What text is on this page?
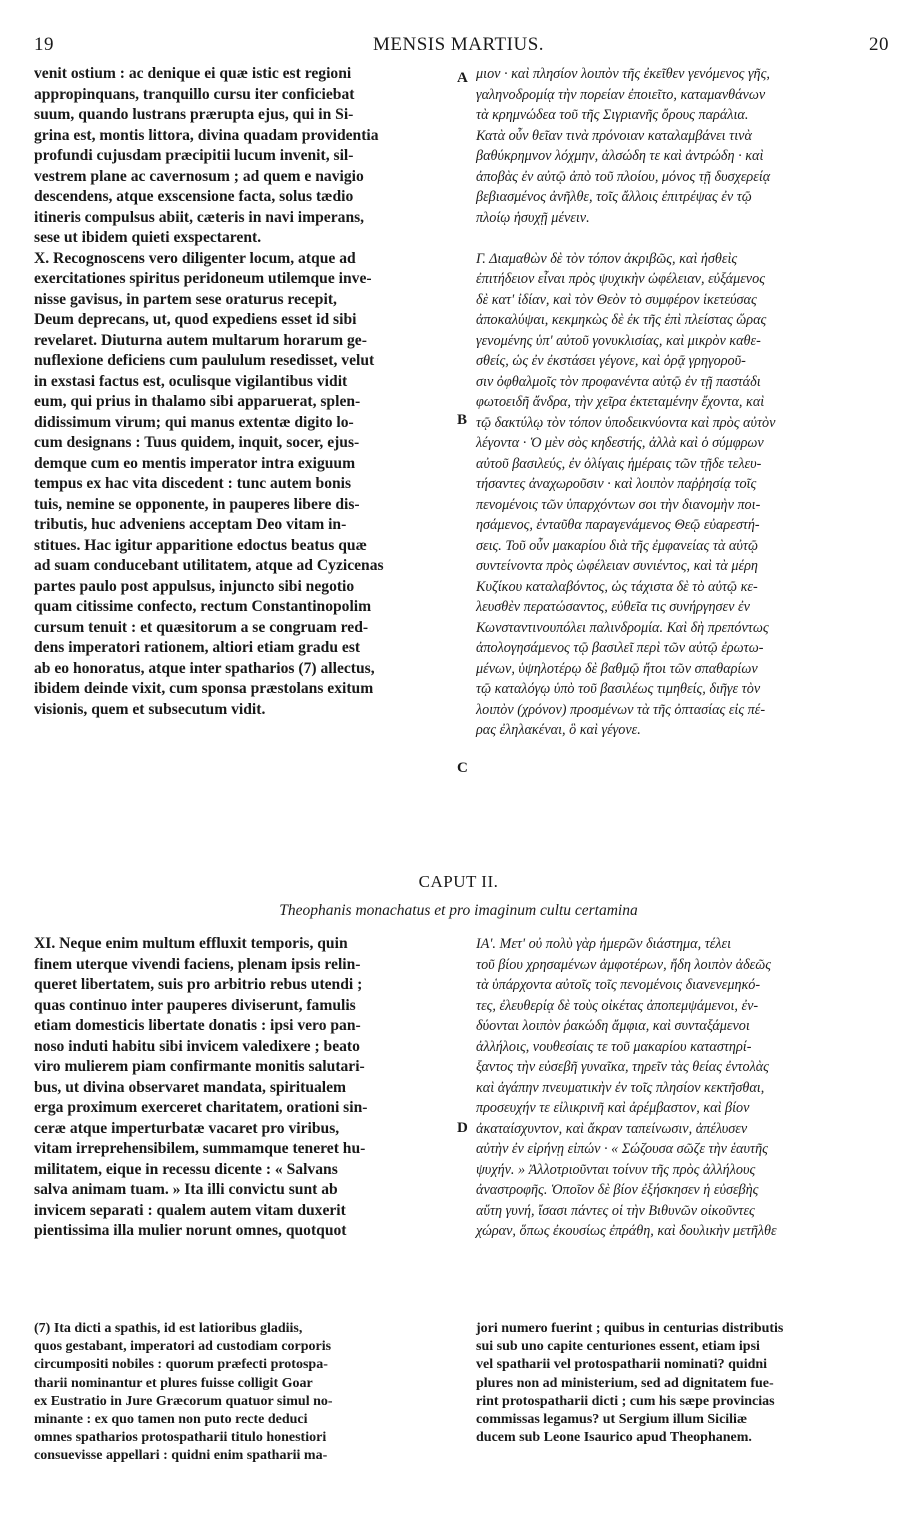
19	MENSIS MARTIUS.	20
A
B
C
D
venit ostium : ac denique ei quæ istic est regioni
appropinquans, tranquillo cursu iter conficiebat
suum, quando lustrans prærupta ejus, qui in Si-
grina est, montis littora, divina quadam providentia
profundi cujusdam præcipitii lucum invenit, sil-
vestrem plane ac cavernosum ; ad quem e navigio
descendens, atque exscensione facta, solus tædio
itineris compulsus abiit, cæteris in navi imperans,
sese ut ibidem quieti exspectarent.
X. Recognoscens vero diligenter locum, atque ad
exercitationes spiritus peridoneum utilemque inve-
nisse gavisus, in partem sese oraturus recepit,
Deum deprecans, ut, quod expediens esset id sibi
revelaret. Diuturna autem multarum horarum ge-
nuflexione deficiens cum paululum resedisset, velut
in exstasi factus est, oculisque vigilantibus vidit
eum, qui prius in thalamo sibi apparuerat, splen-
didissimum virum; qui manus extentæ digito lo-
cum designans : Tuus quidem, inquit, socer, ejus-
demque cum eo mentis imperator intra exiguum
tempus ex hac vita discedent : tunc autem bonis
tuis, nemine se opponente, in pauperes libere dis-
tributis, huc adveniens acceptam Deo vitam in-
stitues. Hac igitur apparitione edoctus beatus quæ
ad suam conducebant utilitatem, atque ad Cyzicenas
partes paulo post appulsus, injuncto sibi negotio
quam citissime confecto, rectum Constantinopolim
cursum tenuit : et quæsitorum a se congruam red-
dens imperatori rationem, altiori etiam gradu est
ab eo honoratus, atque inter spatharios (7) allectus,
ibidem deinde vixit, cum sponsa præstolans exitum
visionis, quem et subsecutum vidit.
μιον · καὶ πλησίον λοιπὸν τῆς ἐκεῖθεν γενόμενος γῆς,
γαληνοδρομίᾳ τὴν πορείαν ἐποιεῖτο, καταμανθάνων
τὰ κρημνώδεα τοῦ τῆς Σιγριανῆς ὄρους παράλια.
Κατὰ οὖν θεῖαν τινὰ πρόνοιαν καταλαμβάνει τινὰ
βαθύκρημνον λόχμην, ἀλσώδη τε καὶ ἀντρώδη · καὶ
ἀποβὰς ἐν αὐτῷ ἀπὸ τοῦ πλοίου, μόνος τῇ δυσχερείᾳ
βεβιασμένος ἀνῆλθε, τοῖς ἄλλοις ἐπιτρέψας ἐν τῷ
πλοίῳ ἡσυχῇ μένειν.
Γ. Διαμαθὼν δὲ τὸν τόπον ἀκριβῶς, καὶ ἡσθεὶς
ἐπιτήδειον εἶναι πρὸς ψυχικὴν ὠφέλειαν, εὐξάμενος
δὲ κατ' ἰδίαν, καὶ τὸν Θεὸν τὸ συμφέρον ἱκετεύσας
ἀποκαλύψαι, κεκμηκὼς δὲ ἐκ τῆς ἐπὶ πλείστας ὥρας
γενομένης ὑπ' αὐτοῦ γονυκλισίας, καὶ μικρὸν καθε-
σθείς, ὡς ἐν ἐκστάσει γέγονε, καὶ ὁρᾷ γρηγοροῦ-
σιν ὀφθαλμοῖς τὸν προφανέντα αὐτῷ ἐν τῇ παστάδι
φωτοειδῆ ἄνδρα, τὴν χεῖρα ἐκτεταμένην ἔχοντα, καὶ
τῷ δακτύλῳ τὸν τόπον ὑποδεικνύοντα καὶ πρὸς αὐτὸν
λέγοντα · Ὁ μὲν σὸς κηδεστής, ἀλλὰ καὶ ὁ σύμφρων
αὐτοῦ βασιλεύς, ἐν ὀλίγαις ἡμέραις τῶν τῇδε τελευ-
τήσαντες ἀναχωροῦσιν · καὶ λοιπὸν παῤῥησίᾳ τοῖς
πενομένοις τῶν ὑπαρχόντων σοι τὴν διανομὴν ποι-
ησάμενος, ἐνταῦθα παραγενάμενος Θεῷ εὐαρεστή-
σεις. Τοῦ οὖν μακαρίου διὰ τῆς ἐμφανείας τὰ αὐτῷ
συντείνοντα πρὸς ὠφέλειαν συνιέντος, καὶ τὰ μέρη
Κυζίκου καταλαβόντος, ὡς τάχιστα δὲ τὸ αὐτῷ κε-
λευσθὲν περατώσαντος, εὐθεῖα τις συνήργησεν ἐν
Κωνσταντινουπόλει παλινδρομία. Καὶ δὴ πρεπόντως
ἀπολογησάμενος τῷ βασιλεῖ περὶ τῶν αὐτῷ ἐρωτω-
μένων, ὑψηλοτέρῳ δὲ βαθμῷ ἤτοι τῶν σπαθαρίων
τῷ καταλόγῳ ὑπὸ τοῦ βασιλέως τιμηθείς, διῆγε τὸν
λοιπὸν (χρόνον) προσμένων τὰ τῆς ὀπτασίας εἰς πέ-
ρας ἐληλακέναι, ὃ καὶ γέγονε.
CAPUT II.
Theophanis monachatus et pro imaginum cultu certamina
XI. Neque enim multum effluxit temporis, quin
finem uterque vivendi faciens, plenam ipsis relin-
queret libertatem, suis pro arbitrio rebus utendi ;
quas continuo inter pauperes diviserunt, famulis
etiam domesticis libertate donatis : ipsi vero pan-
noso induti habitu sibi invicem valedixere ; beato
viro mulierem piam confirmante monitis salutari-
bus, ut divina observaret mandata, spiritualem
erga proximum exerceret charitatem, orationi sin-
ceræ atque imperturbatæ vacaret pro viribus,
vitam irreprehensibilem, summamque teneret hu-
militatem, eique in recessu dicente : « Salvans
salva animam tuam. » Ita illi convictu sunt ab
invicem separati : qualem autem vitam duxerit
pientissima illa mulier norunt omnes, quotquot
ΙΑ'. Μετ' οὐ πολὺ γὰρ ἡμερῶν διάστημα, τέλει
τοῦ βίου χρησαμένων ἀμφοτέρων, ἤδη λοιπὸν ἀδεῶς
τὰ ὑπάρχοντα αὐτοῖς τοῖς πενομένοις διανενεμηκό-
τες, ἐλευθερίᾳ δὲ τοὺς οἰκέτας ἀποπεμψάμενοι, ἐν-
δύονται λοιπὸν ῥακώδη ἄμφια, καὶ συνταξάμενοι
ἀλλήλοις, νουθεσίαις τε τοῦ μακαρίου καταστηρί-
ξαντος τὴν εὐσεβῆ γυναῖκα, τηρεῖν τὰς θείας ἐντολὰς
καὶ ἀγάπην πνευματικὴν ἐν τοῖς πλησίον κεκτῆσθαι,
προσευχήν τε εἰλικρινῆ καὶ ἀρέμβαστον, καὶ βίον
ἀκαταίσχυντον, καὶ ἄκραν ταπείνωσιν, ἀπέλυσεν
αὐτὴν ἐν εἰρήνῃ εἰπών · « Σώζουσα σῶζε τὴν ἑαυτῆς
ψυχήν. » Ἀλλοτριοῦνται τοίνυν τῆς πρὸς ἀλλήλους
ἀναστροφῆς. Ὁποῖον δὲ βίον ἐξήσκησεν ἡ εὐσεβὴς
αὕτη γυνή, ἴσασι πάντες οἱ τὴν Βιθυνῶν οἰκοῦντες
χώραν, ὅπως ἐκουσίως ἐπράθη, καὶ δουλικὴν μετῆλθε
(7) Ita dicti a spathis, id est latioribus gladiis,
quos gestabant, imperatori ad custodiam corporis
circumpositi nobiles : quorum præfecti protospa-
tharii nominantur et plures fuisse colligit Goar
ex Eustratio in Jure Græcorum quatuor simul no-
minante : ex quo tamen non puto recte deduci
omnes spatharios protospatharii titulo honestiori
consuevisse appellari : quidni enim spatharii ma-
jori numero fuerint ; quibus in centurias distributis
sui sub uno capite centuriones essent, etiam ipsi
vel spatharii vel protospatharii nominati? quidni
plures non ad ministerium, sed ad dignitatem fue-
rint protospatharii dicti ; cum his sæpe provincias
commissas legamus? ut Sergium illum Siciliæ
ducem sub Leone Isaurico apud Theophanem.
